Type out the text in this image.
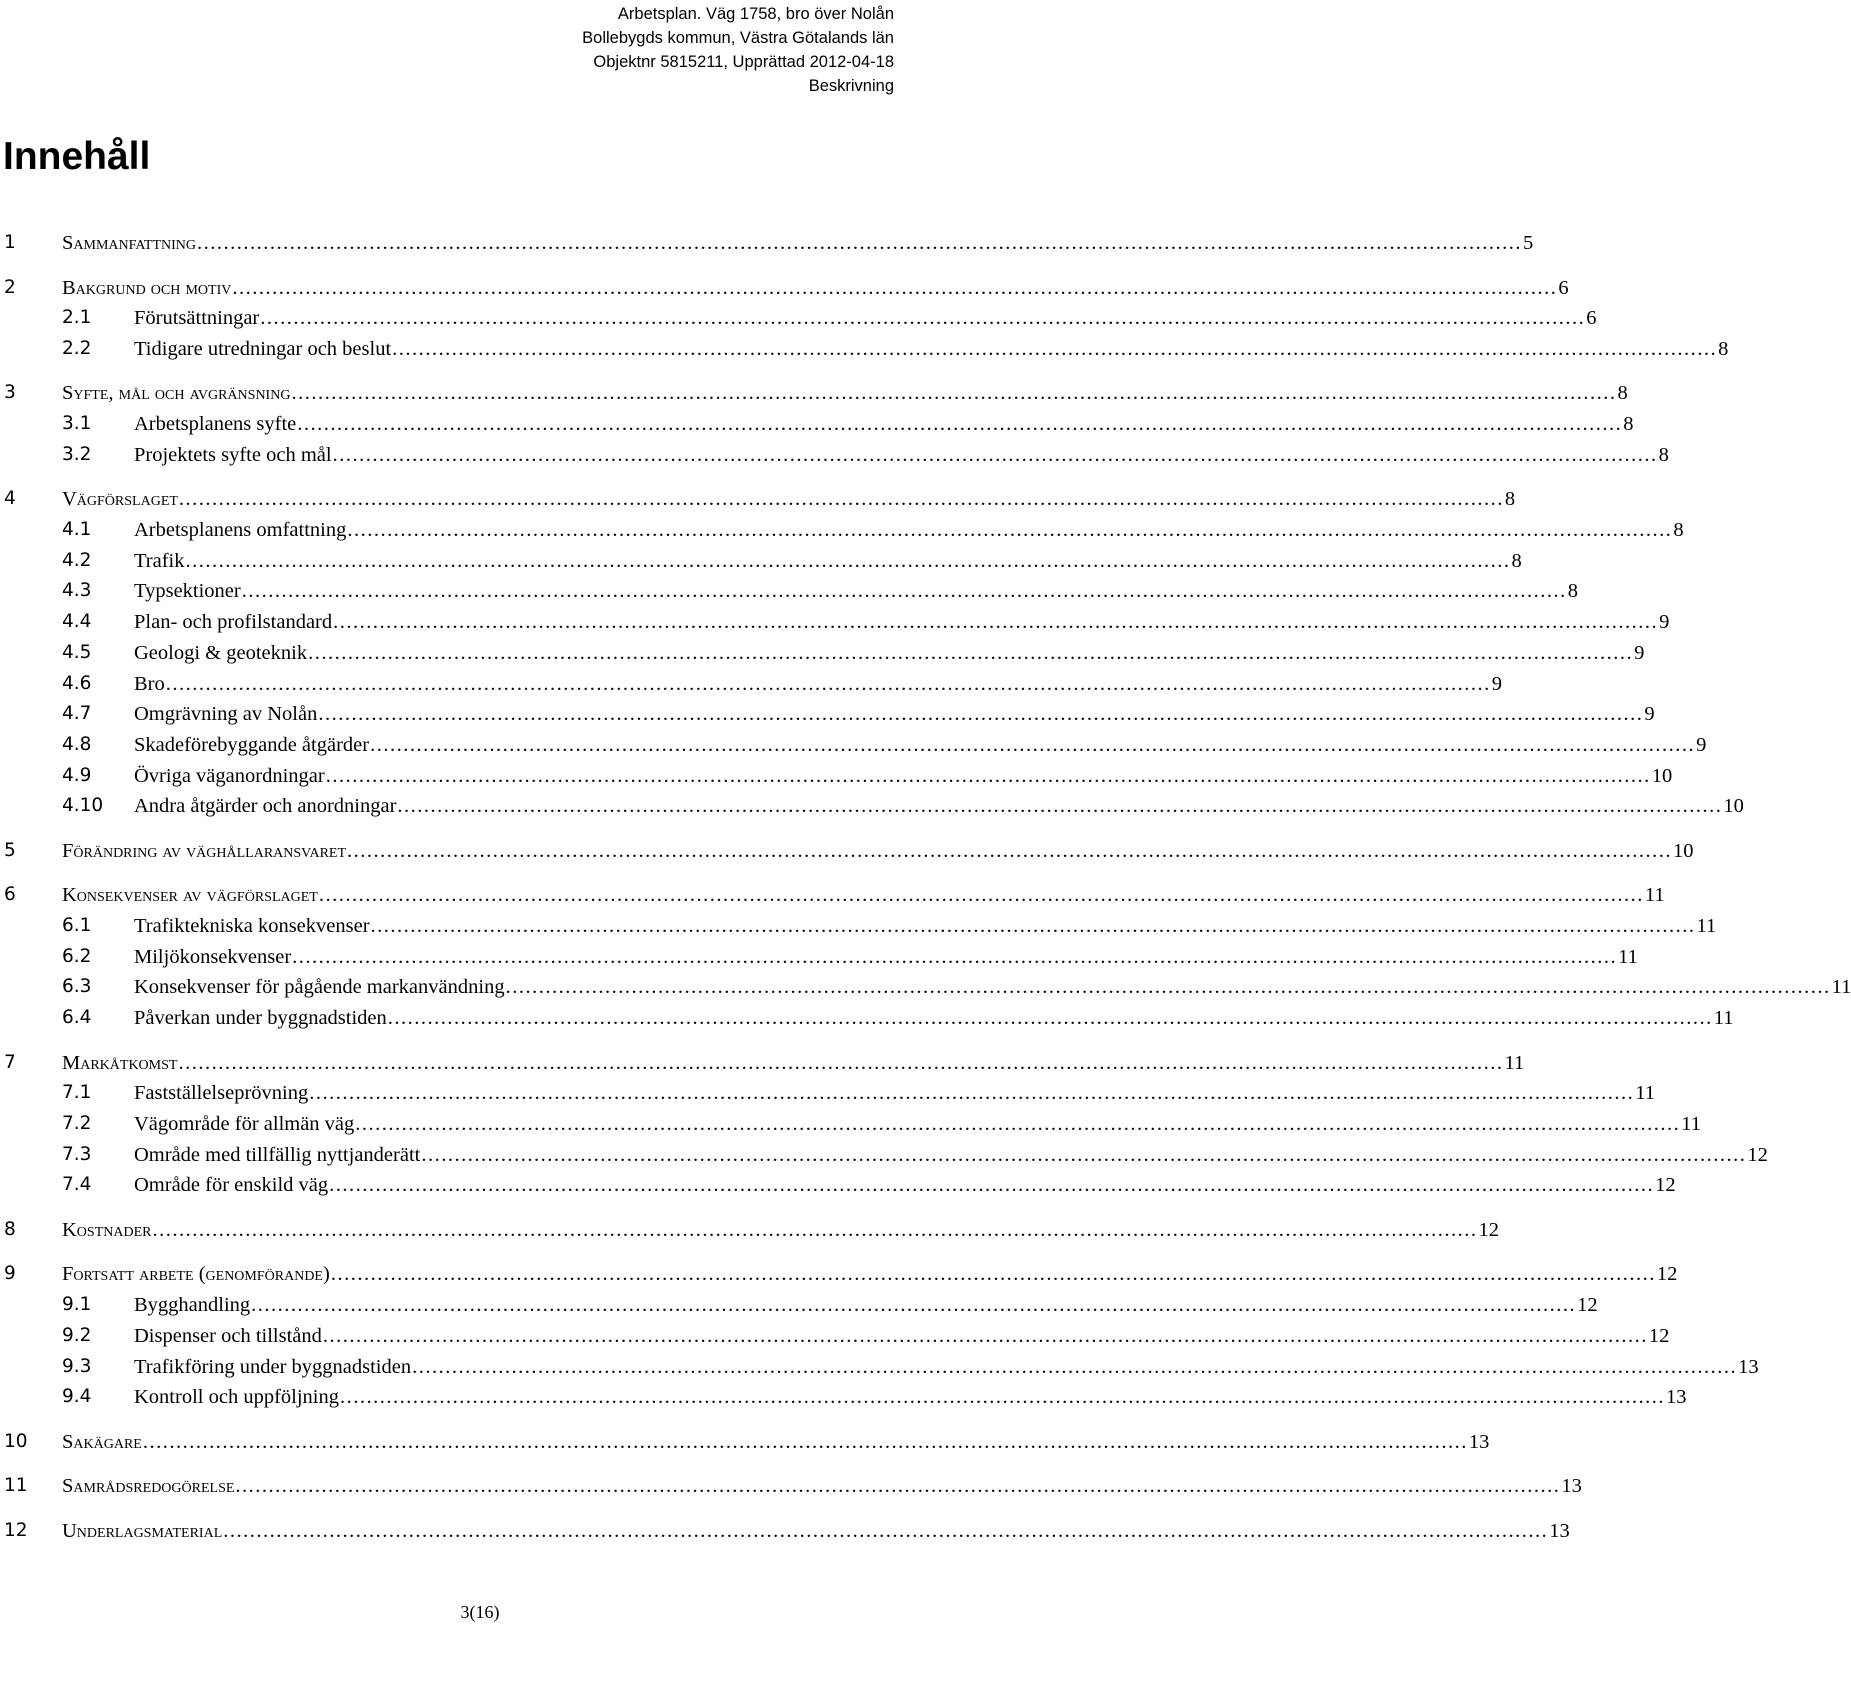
Arbetsplan. Väg 1758, bro över Nolån
Bollebygds kommun, Västra Götalands län
Objektnr 5815211, Upprättad 2012-04-18
Beskrivning
Innehåll
1 Sammanfattning ........................................................................................................................................................................................................ 5
2 Bakgrund och motiv ........................................................................................................................................................................................................ 6
2.1 Förutsättningar ........................................................................................................................................................................................................ 6
2.2 Tidigare utredningar och beslut ........................................................................................................................................................................................................ 8
3 Syfte, mål och avgränsning ........................................................................................................................................................................................................ 8
3.1 Arbetsplanens syfte ........................................................................................................................................................................................................ 8
3.2 Projektets syfte och mål ........................................................................................................................................................................................................ 8
4 Vägförslaget ........................................................................................................................................................................................................ 8
4.1 Arbetsplanens omfattning ........................................................................................................................................................................................................ 8
4.2 Trafik ........................................................................................................................................................................................................ 8
4.3 Typsektioner ........................................................................................................................................................................................................ 8
4.4 Plan- och profilstandard ........................................................................................................................................................................................................ 9
4.5 Geologi & geoteknik ........................................................................................................................................................................................................ 9
4.6 Bro ........................................................................................................................................................................................................ 9
4.7 Omgrävning av Nolån ........................................................................................................................................................................................................ 9
4.8 Skadeförebyggande åtgärder ........................................................................................................................................................................................................ 9
4.9 Övriga väganordningar ........................................................................................................................................................................................................ 10
4.10 Andra åtgärder och anordningar ........................................................................................................................................................................................................ 10
5 Förändring av väghållaransvaret ........................................................................................................................................................................................................ 10
6 Konsekvenser av vägförslaget ........................................................................................................................................................................................................ 11
6.1 Trafiktekniska konsekvenser ........................................................................................................................................................................................................ 11
6.2 Miljökonsekvenser ........................................................................................................................................................................................................ 11
6.3 Konsekvenser för pågående markanvändning ........................................................................................................................................................................................................ 11
6.4 Påverkan under byggnadstiden ........................................................................................................................................................................................................ 11
7 Markåtkomst ........................................................................................................................................................................................................ 11
7.1 Fastställelseprövning ........................................................................................................................................................................................................ 11
7.2 Vägområde för allmän väg ........................................................................................................................................................................................................ 11
7.3 Område med tillfällig nyttjanderätt ........................................................................................................................................................................................................ 12
7.4 Område för enskild väg ........................................................................................................................................................................................................ 12
8 Kostnader ........................................................................................................................................................................................................ 12
9 Fortsatt arbete (genomförande) ........................................................................................................................................................................................................ 12
9.1 Bygghandling ........................................................................................................................................................................................................ 12
9.2 Dispenser och tillstånd ........................................................................................................................................................................................................ 12
9.3 Trafikföring under byggnadstiden ........................................................................................................................................................................................................ 13
9.4 Kontroll och uppföljning ........................................................................................................................................................................................................ 13
10 Sakägare ........................................................................................................................................................................................................ 13
11 Samrådsredogörelse ........................................................................................................................................................................................................ 13
12 Underlagsmaterial ........................................................................................................................................................................................................ 13
3(16)
